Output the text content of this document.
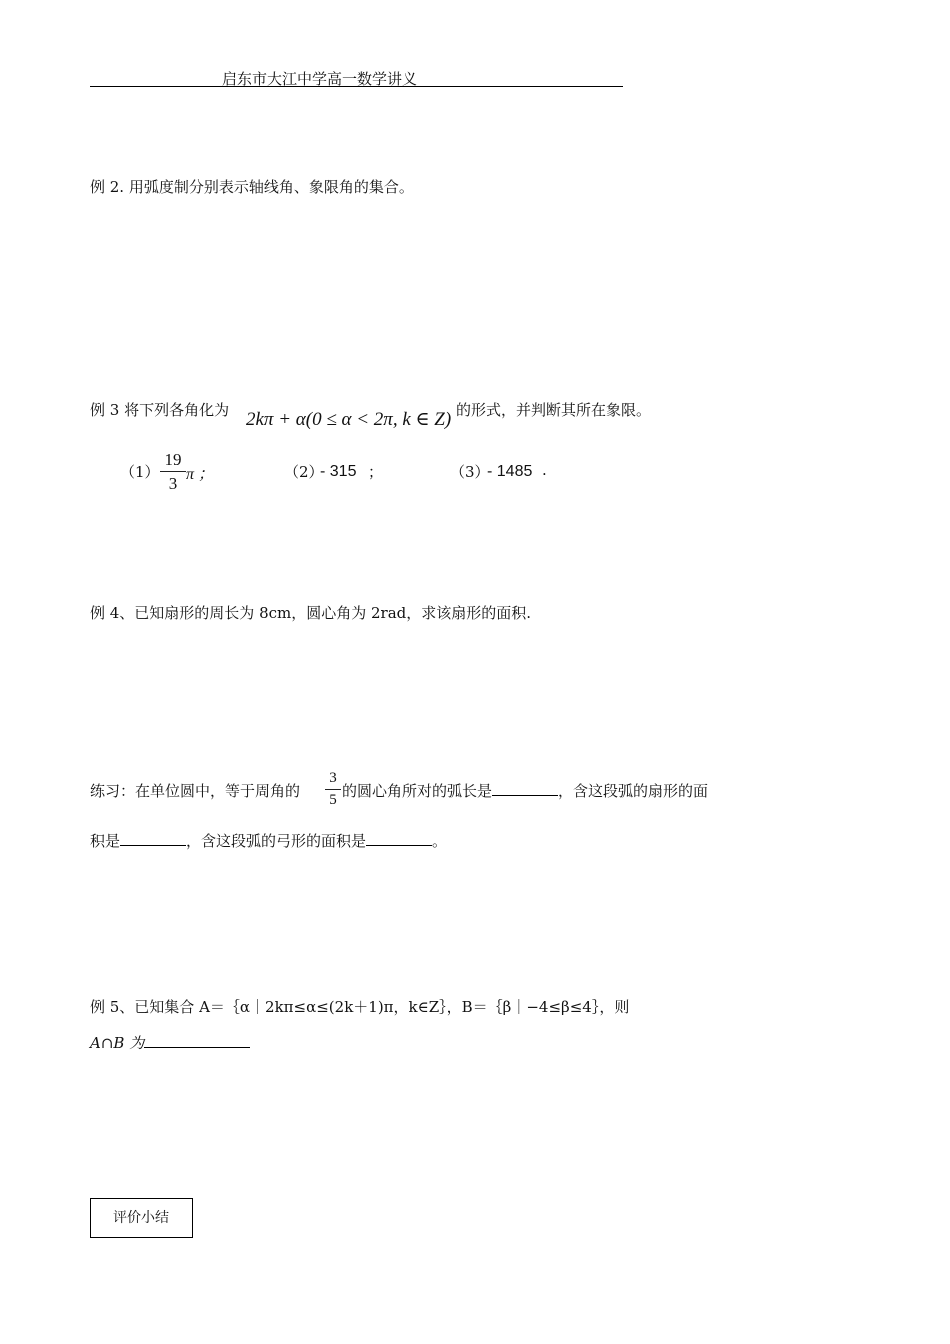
启东市大江中学高一数学讲义
例 2. 用弧度制分别表示轴线角、象限角的集合。
例 3 将下列各角化为 2kπ + α(0 ≤ α < 2π, k ∈ Z) 的形式，并判断其所在象限。
（1）
19
3 π ；	（2）
- 315 ；	（3）
- 1485 .
例 4、已知扇形的周长为 8cm，圆心角为 2rad，求该扇形的面积.
练习：在单位圆中，等于周角的
3
5 的圆心角所对的弧长是	，含这段弧的扇形的面
积是	，含这段弧的弓形的面积是	。
例 5、已知集合 A＝｛α｜2kπ≤α≤(2k＋1)π，k∈Z｝，B＝｛β｜−4≤β≤4｝，则
A∩B 为
评价小结
